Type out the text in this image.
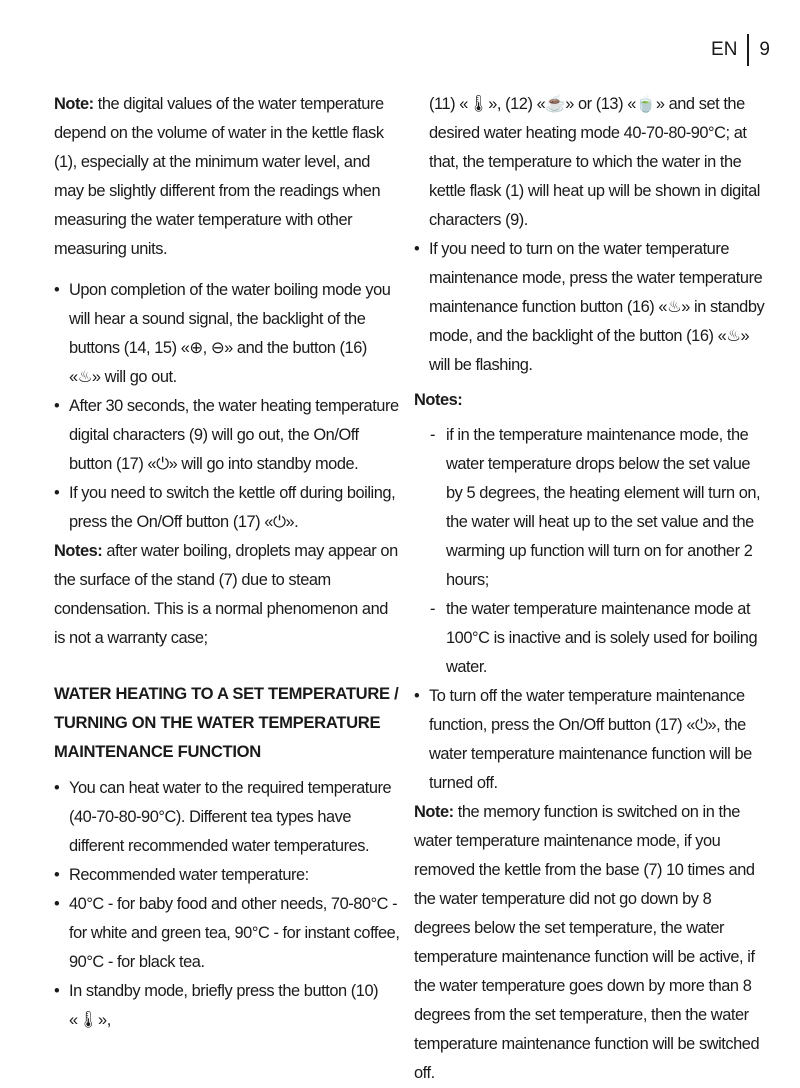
EN	9

Note: the digital values of the water temperature depend on the volume of water in the kettle flask (1), especially at the minimum water level, and may be slightly different from the readings when measuring the water temperature with other measuring units.

• Upon completion of the water boiling mode you will hear a sound signal, the backlight of the buttons (14, 15) «⊕, ⊖» and the button (16) «♨» will go out.
• After 30 seconds, the water heating temperature digital characters (9) will go out, the On/Off button (17) «⏻» will go into standby mode.
• If you need to switch the kettle off during boiling, press the On/Off button (17) «⏻».

Notes: after water boiling, droplets may appear on the surface of the stand (7) due to steam condensation. This is a normal phenomenon and is not a warranty case;

WATER HEATING TO A SET TEMPERATURE / TURNING ON THE WATER TEMPERATURE MAINTENANCE FUNCTION

• You can heat water to the required temperature (40-70-80-90°C). Different tea types have different recommended water temperatures.
• Recommended water temperature:
• 40°C - for baby food and other needs, 70-80°C - for white and green tea, 90°C - for instant coffee, 90°C - for black tea.
• In standby mode, briefly press the button (10) «🌡»,

(11) «🌡», (12) «☕» or (13) «🍵» and set the desired water heating mode 40-70-80-90°C; at that, the temperature to which the water in the kettle flask (1) will heat up will be shown in digital characters (9).

• If you need to turn on the water temperature maintenance mode, press the water temperature maintenance function button (16) «♨» in standby mode, and the backlight of the button (16) «♨» will be flashing.

Notes:

- if in the temperature maintenance mode, the water temperature drops below the set value by 5 degrees, the heating element will turn on, the water will heat up to the set value and the warming up function will turn on for another 2 hours;
- the water temperature maintenance mode at 100°C is inactive and is solely used for boiling water.
• To turn off the water temperature maintenance function, press the On/Off button (17) «⏻», the water temperature maintenance function will be turned off.

Note: the memory function is switched on in the water temperature maintenance mode, if you removed the kettle from the base (7) 10 times and the water temperature did not go down by 8 degrees below the set temperature, the water temperature maintenance function will be active, if the water temperature goes down by more than 8 degrees from the set temperature, then the water temperature maintenance function will be switched off.
